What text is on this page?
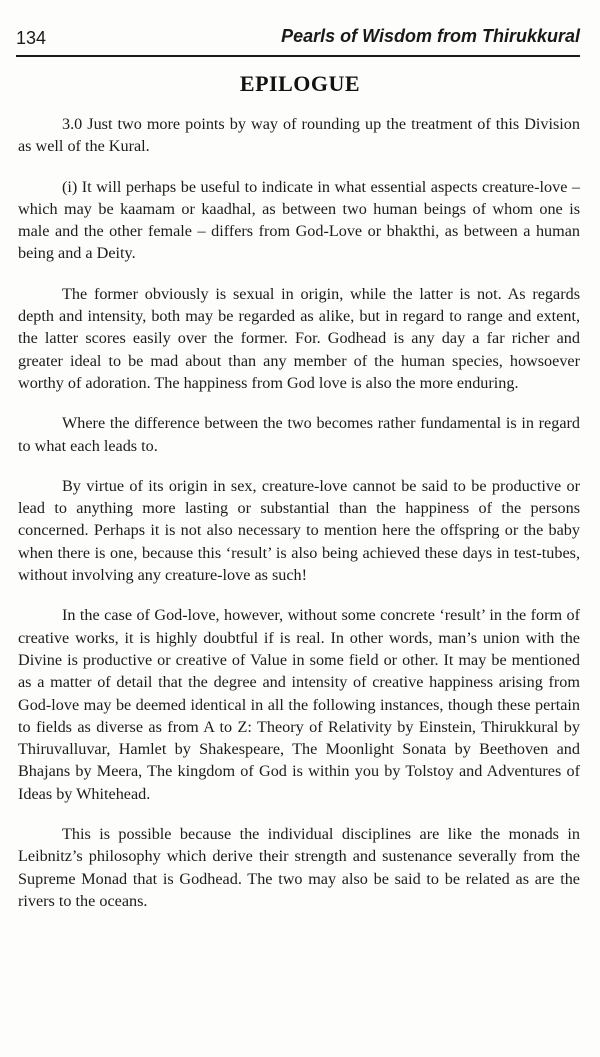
134	Pearls of Wisdom from Thirukkural
EPILOGUE

3.0 Just two more points by way of rounding up the treatment of this Division as well of the Kural.

(i) It will perhaps be useful to indicate in what essential aspects creature-love – which may be kaamam or kaadhal, as between two human beings of whom one is male and the other female – differs from God-Love or bhakthi, as between a human being and a Deity.

The former obviously is sexual in origin, while the latter is not. As regards depth and intensity, both may be regarded as alike, but in regard to range and extent, the latter scores easily over the former. For. Godhead is any day a far richer and greater ideal to be mad about than any member of the human species, howsoever worthy of adoration. The happiness from God love is also the more enduring.

Where the difference between the two becomes rather fundamental is in regard to what each leads to.

By virtue of its origin in sex, creature-love cannot be said to be productive or lead to anything more lasting or substantial than the happiness of the persons concerned. Perhaps it is not also necessary to mention here the offspring or the baby when there is one, because this ‘result’ is also being achieved these days in test-tubes, without involving any creature-love as such!

In the case of God-love, however, without some concrete ‘result’ in the form of creative works, it is highly doubtful if is real. In other words, man’s union with the Divine is productive or creative of Value in some field or other. It may be mentioned as a matter of detail that the degree and intensity of creative happiness arising from God-love may be deemed identical in all the following instances, though these pertain to fields as diverse as from A to Z: Theory of Relativity by Einstein, Thirukkural by Thiruvalluvar, Hamlet by Shakespeare, The Moonlight Sonata by Beethoven and Bhajans by Meera, The kingdom of God is within you by Tolstoy and Adventures of Ideas by Whitehead.

This is possible because the individual disciplines are like the monads in Leibnitz’s philosophy which derive their strength and sustenance severally from the Supreme Monad that is Godhead. The two may also be said to be related as are the rivers to the oceans.
